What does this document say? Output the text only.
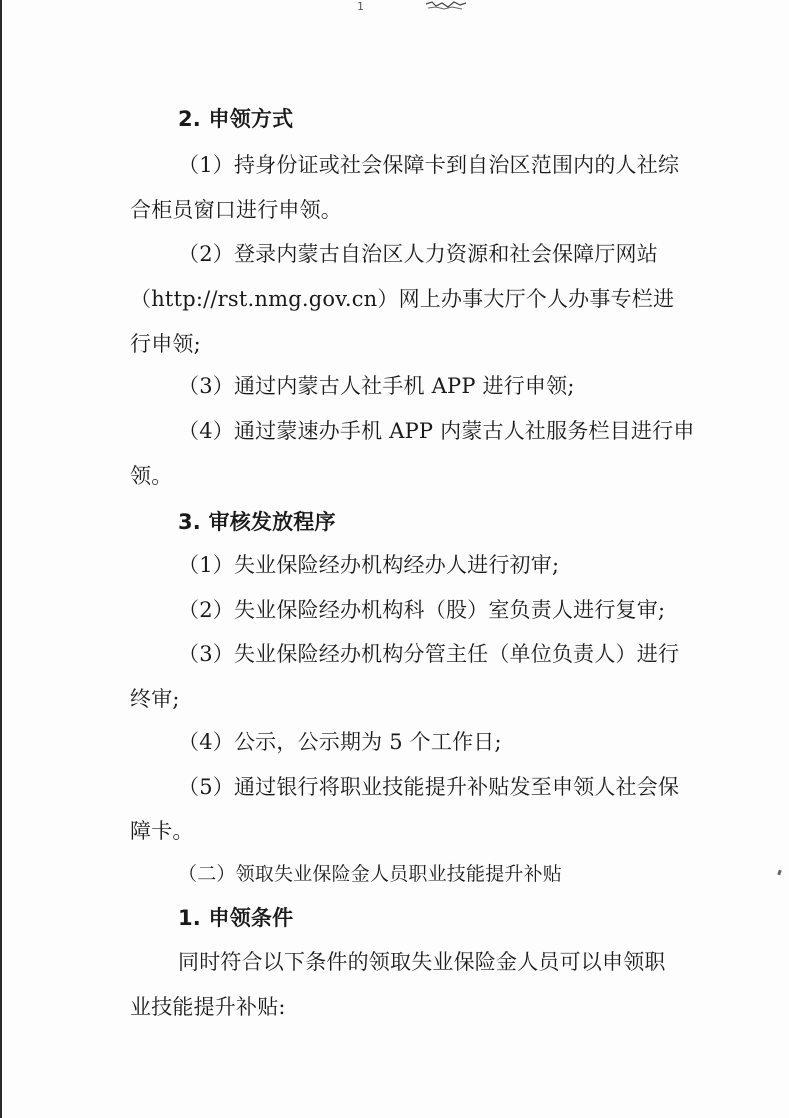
1
2. 申领方式
（1）持身份证或社会保障卡到自治区范围内的人社综
合柜员窗口进行申领。
（2）登录内蒙古自治区人力资源和社会保障厅网站
（http://rst.nmg.gov.cn）网上办事大厅个人办事专栏进
行申领;
（3）通过内蒙古人社手机 APP 进行申领;
（4）通过蒙速办手机 APP 内蒙古人社服务栏目进行申
领。
3. 审核发放程序
（1）失业保险经办机构经办人进行初审;
（2）失业保险经办机构科（股）室负责人进行复审;
（3）失业保险经办机构分管主任（单位负责人）进行
终审;
（4）公示，公示期为 5 个工作日;
（5）通过银行将职业技能提升补贴发至申领人社会保
障卡。
（二）领取失业保险金人员职业技能提升补贴
1. 申领条件
同时符合以下条件的领取失业保险金人员可以申领职
业技能提升补贴:
